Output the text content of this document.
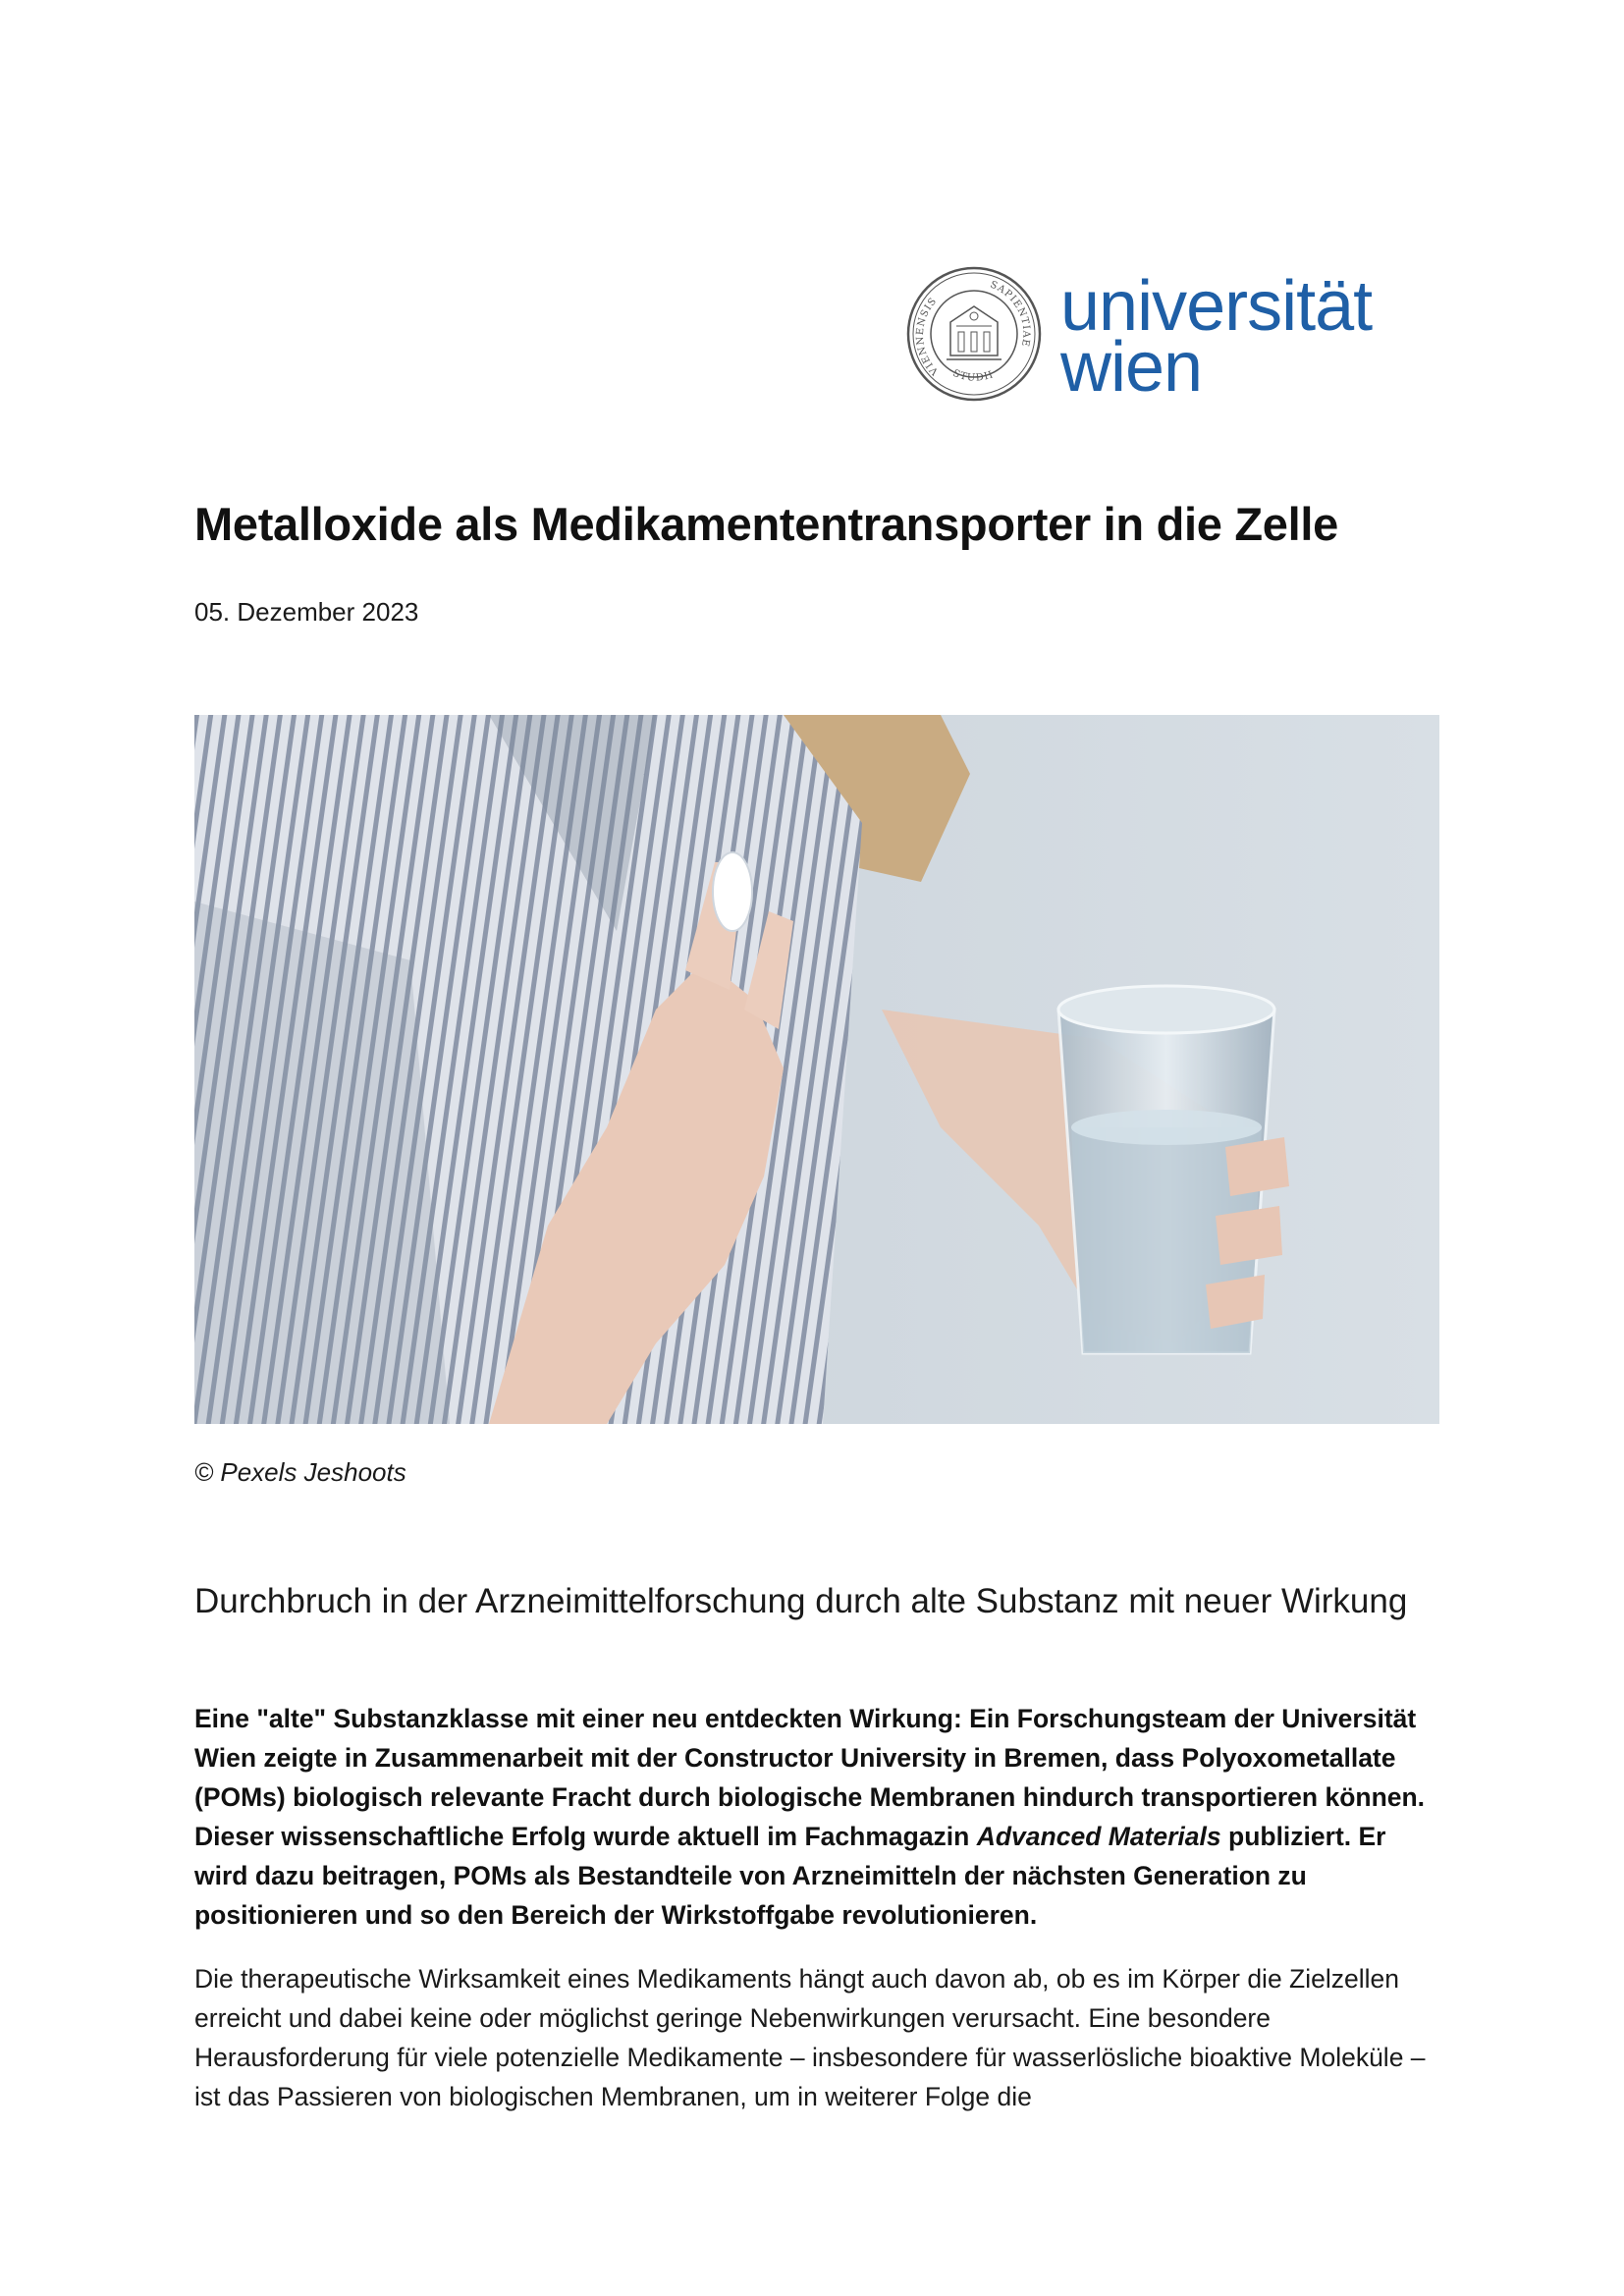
VIENNENSIS
SAPIENTIAE
STUDII
universität
wien
Metalloxide als Medikamententransporter in die Zelle
05. Dezember 2023
© Pexels Jeshoots
Durchbruch in der Arzneimittelforschung durch alte Substanz mit neuer Wirkung

Eine "alte" Substanzklasse mit einer neu entdeckten Wirkung: Ein Forschungsteam der Universität Wien zeigte in Zusammenarbeit mit der Constructor University in Bremen, dass Polyoxometallate (POMs) biologisch relevante Fracht durch biologische Membranen hindurch transportieren können. Dieser wissenschaftliche Erfolg wurde aktuell im Fachmagazin Advanced Materials publiziert. Er wird dazu beitragen, POMs als Bestandteile von Arzneimitteln der nächsten Generation zu positionieren und so den Bereich der Wirkstoffgabe revolutionieren.

Die therapeutische Wirksamkeit eines Medikaments hängt auch davon ab, ob es im Körper die Zielzellen erreicht und dabei keine oder möglichst geringe Nebenwirkungen verursacht. Eine besondere Herausforderung für viele potenzielle Medikamente – insbesondere für wasserlösliche bioaktive Moleküle – ist das Passieren von biologischen Membranen, um in weiterer Folge die
